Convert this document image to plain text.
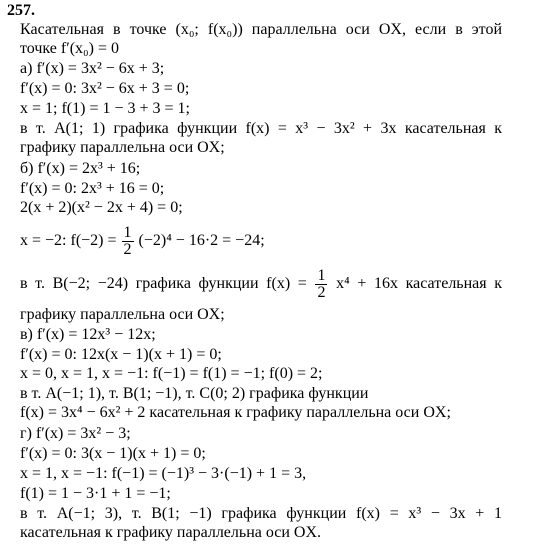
257.
Касательная в точке (x₀; f(x₀)) параллельна оси OX, если в этой
точке f′(x₀) = 0
а) f′(x) = 3x² − 6x + 3;
f′(x) = 0: 3x² − 6x + 3 = 0;
x = 1; f(1) = 1 − 3 + 3 = 1;
в т. A(1; 1) графика функции f(x) = x³ − 3x² + 3x касательная к
графику параллельна оси OX;
б) f′(x) = 2x³ + 16;
f′(x) = 0: 2x³ + 16 = 0;
2(x + 2)(x² − 2x + 4) = 0;
x = −2: $f(-2) = \frac{1}{2} (-2)^4 - 16\cdot 2 = -24$;
в т. B(−2; −24) графика функции $f(x) = \frac{1}{2} x^4 + 16x$ касательная к
графику параллельна оси OX;
в) f′(x) = 12x³ − 12x;
f′(x) = 0: 12x(x − 1)(x + 1) = 0;
x = 0, x = 1, x = −1: f(−1) = f(1) = −1; f(0) = 2;
в т. A(−1; 1), т. B(1; −1), т. C(0; 2) графика функции
f(x) = 3x⁴ − 6x² + 2 касательная к графику параллельна оси OX;
г) f′(x) = 3x² − 3;
f′(x) = 0: 3(x − 1)(x + 1) = 0;
x = 1, x = −1: f(−1) = (−1)³ − 3·(−1) + 1 = 3,
f(1) = 1 − 3·1 + 1 = −1;
в т. A(−1; 3), т. B(1; −1) графика функции f(x) = x³ − 3x + 1
касательная к графику параллельна оси OX.
